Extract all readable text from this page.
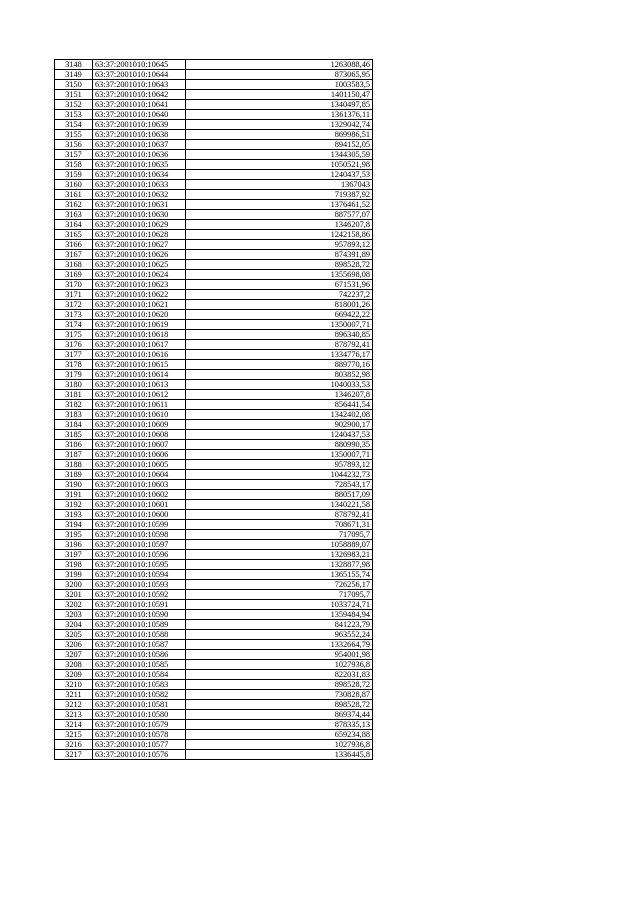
3148	63:37:2001010:10645	1263088,46
3149	63:37:2001010:10644	873065,95
3150	63:37:2001010:10643	1003583,5
3151	63:37:2001010:10642	1401150,47
3152	63:37:2001010:10641	1340497,85
3153	63:37:2001010:10640	1361376,11
3154	63:37:2001010:10639	1329042,74
3155	63:37:2001010:10638	869986,51
3156	63:37:2001010:10637	894152,05
3157	63:37:2001010:10636	1344305,59
3158	63:37:2001010:10635	1050521,98
3159	63:37:2001010:10634	1240437,53
3160	63:37:2001010:10633	1367043
3161	63:37:2001010:10632	719387,92
3162	63:37:2001010:10631	1376461,52
3163	63:37:2001010:10630	887577,07
3164	63:37:2001010:10629	1346207,8
3165	63:37:2001010:10628	1242158,86
3166	63:37:2001010:10627	957893,12
3167	63:37:2001010:10626	874391,89
3168	63:37:2001010:10625	898528,72
3169	63:37:2001010:10624	1355698,08
3170	63:37:2001010:10623	671531,96
3171	63:37:2001010:10622	742237,2
3172	63:37:2001010:10621	818001,26
3173	63:37:2001010:10620	669422,22
3174	63:37:2001010:10619	1350007,71
3175	63:37:2001010:10618	896340,85
3176	63:37:2001010:10617	878792,41
3177	63:37:2001010:10616	1334776,17
3178	63:37:2001010:10615	889770,16
3179	63:37:2001010:10614	803852,98
3180	63:37:2001010:10613	1040033,53
3181	63:37:2001010:10612	1346207,8
3182	63:37:2001010:10611	856441,54
3183	63:37:2001010:10610	1342402,08
3184	63:37:2001010:10609	902900,17
3185	63:37:2001010:10608	1240437,53
3186	63:37:2001010:10607	880990,35
3187	63:37:2001010:10606	1350007,71
3188	63:37:2001010:10605	957893,12
3189	63:37:2001010:10604	1044232,73
3190	63:37:2001010:10603	728543,17
3191	63:37:2001010:10602	880517,09
3192	63:37:2001010:10601	1340221,58
3193	63:37:2001010:10600	878792,41
3194	63:37:2001010:10599	708671,31
3195	63:37:2001010:10598	717095,7
3196	63:37:2001010:10597	1058889,07
3197	63:37:2001010:10596	1326983,21
3198	63:37:2001010:10595	1328877,98
3199	63:37:2001010:10594	1365155,74
3200	63:37:2001010:10593	726256,17
3201	63:37:2001010:10592	717095,7
3202	63:37:2001010:10591	1033724,71
3203	63:37:2001010:10590	1359484,94
3204	63:37:2001010:10589	841223,79
3205	63:37:2001010:10588	963552,24
3206	63:37:2001010:10587	1332664,79
3207	63:37:2001010:10586	954001,98
3208	63:37:2001010:10585	1027936,8
3209	63:37:2001010:10584	822031,83
3210	63:37:2001010:10583	898528,72
3211	63:37:2001010:10582	730828,87
3212	63:37:2001010:10581	898528,72
3213	63:37:2001010:10580	869374,44
3214	63:37:2001010:10579	878335,13
3215	63:37:2001010:10578	659234,88
3216	63:37:2001010:10577	1027936,8
3217	63:37:2001010:10576	1336445,8
